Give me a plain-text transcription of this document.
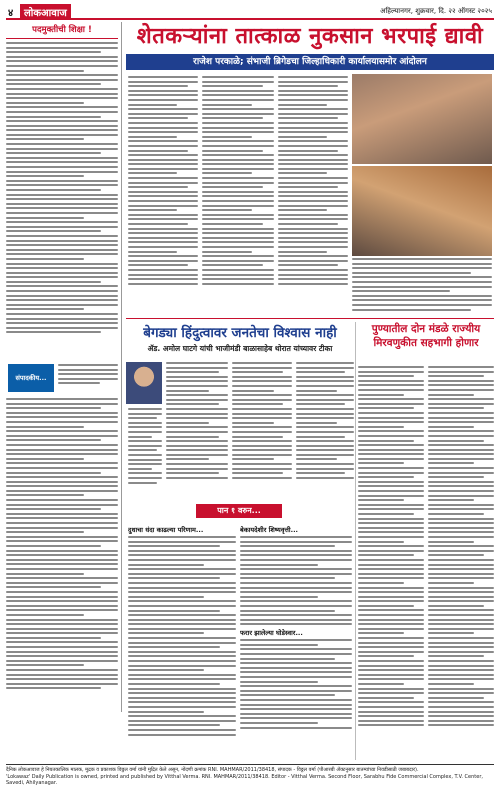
४	लोकआवाज	अहिल्यानगर, शुक्रवार, दि. २२ ऑगस्ट २०२५
पदमुक्तीची शिक्षा !
संपादकीय...
शेतकऱ्यांना तात्काळ नुकसान भरपाई द्यावी
राजेश परकाळे; संभाजी ब्रिगेडचा जिल्हाधिकारी कार्यालयासमोर आंदोलन
बेगड्या हिंदुत्वावर जनतेचा विश्वास नाही
ॲड. अमोल घाटगे यांची भाजीमंडी बाळासाहेब थोरात यांच्यावर टीका
पुण्यातील दोन मंडळे राज्यीय मिरवणुकीत सहभागी होणार
पान १ वरुन...
दुधाचा धंदा काढल्या परिणाम...	बेकायदेशीर शिष्यवृत्ती...
फरार झालेल्या घोडेस्वार...
दैनिक लोकआवाज हे नियतकालिक मालक, मुद्रक व प्रकाशक विठ्ठल वर्मा यांनी मुद्रित केले असून, नोंदणी क्रमांक RNI. MAHMAR/2011/38418, संपादक - विठ्ठल वर्मा (पीआरबी ॲक्टनुसार बातम्यांच्या निवडीसाठी जबाबदार).
'Lokawaz' Daily Publication is owned, printed and published by Vitthal Verma. RNI. MAHMAR/2011/38418. Editor - Vitthal Verma. Second Floor, Sarabhu Fide Commercial Complex, T.V. Center, Savedi, Ahilyanagar.
